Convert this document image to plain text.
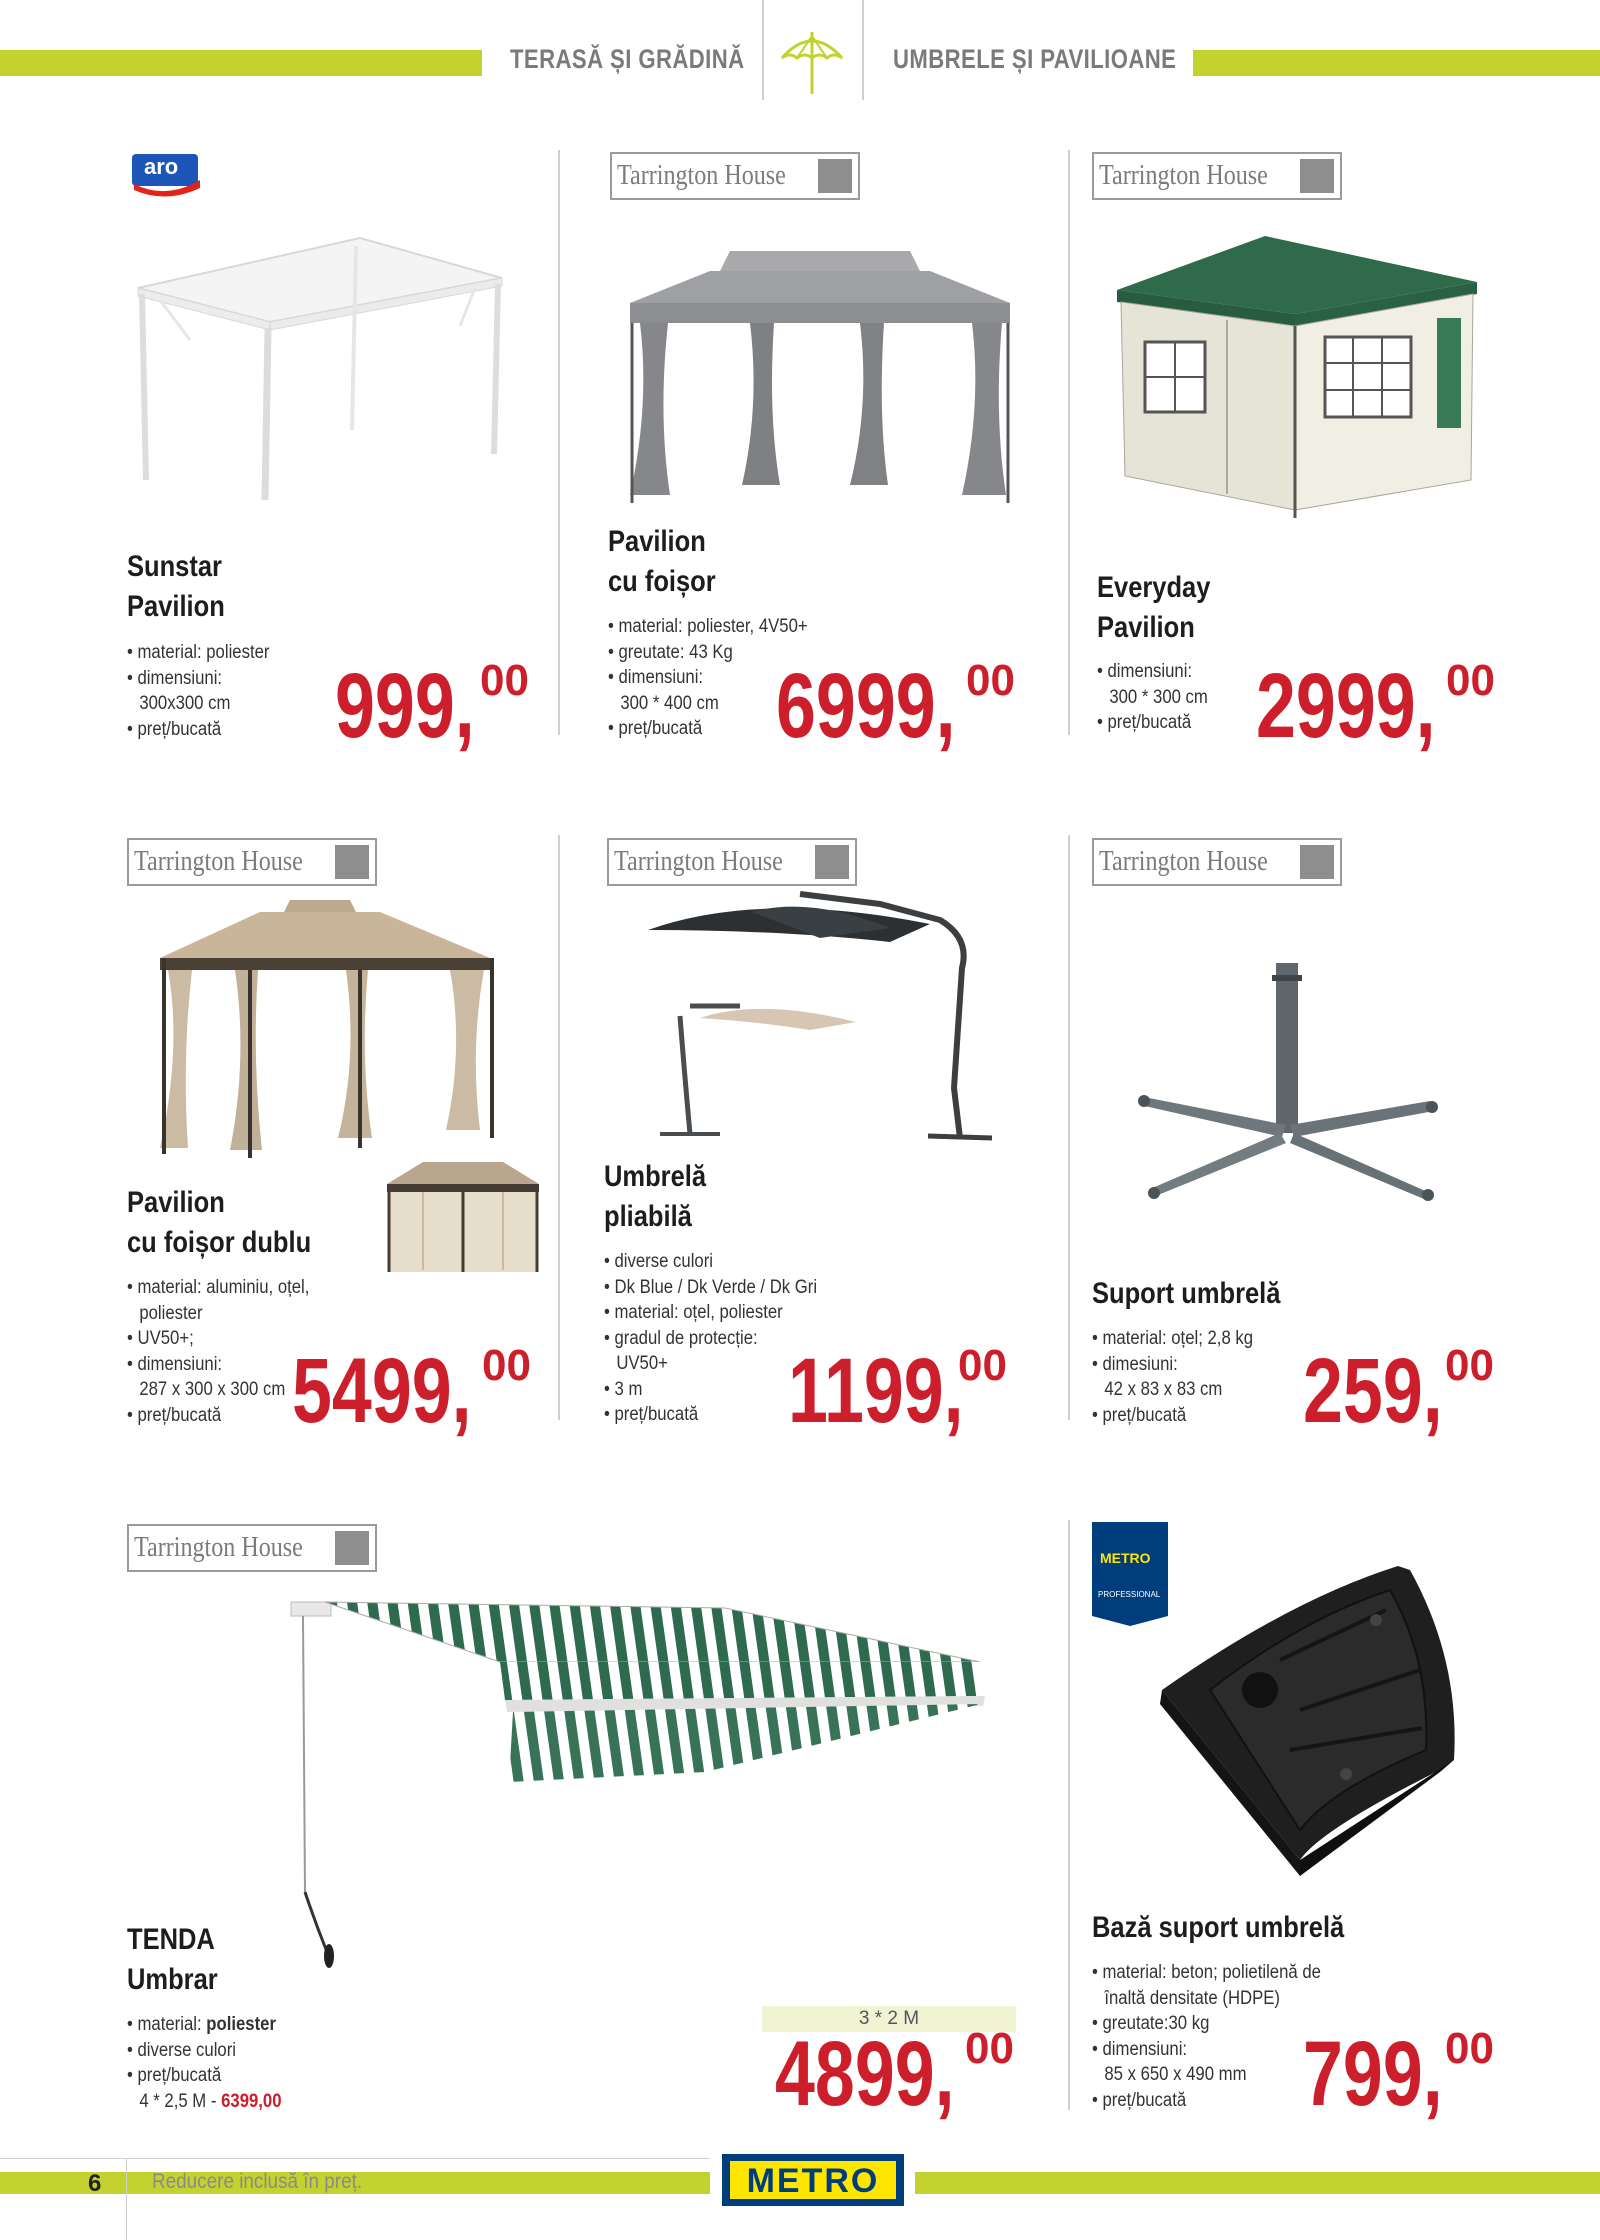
TERASĂ ȘI GRĂDINĂ	UMBRELE ȘI PAVILIOANE
aro
Sunstar
Pavilion
• material: poliester
• dimensiuni:
300x300 cm
• preț/bucată	999, 00
Tarrington House
Pavilion
cu foișor
• material: poliester, 4V50+
• greutate: 43 Kg
• dimensiuni:
300 * 400 cm
• preț/bucată 6999, 00
Tarrington House
Everyday
Pavilion
• dimensiuni:
300 * 300 cm
• preț/bucată 2999, 00
Tarrington House
Pavilion
cu foișor dublu
• material: aluminiu, oțel,
poliester
• UV50+;
• dimensiuni:
287 x 300 x 300 cm
• preț/bucată 5499, 00
Tarrington House
Umbrelă
pliabilă
• diverse culori
• Dk Blue / Dk Verde / Dk Gri
• material: oțel, poliester
• gradul de protecție:
UV50+
• 3 m
• preț/bucată 1199,
00
Tarrington House
Suport umbrelă
• material: oțel; 2,8 kg
• dimesiuni:
42 x 83 x 83 cm
• preț/bucată	259, 00
Tarrington House
TENDA
Umbrar
• material: poliester
• diverse culori
• preț/bucată
4 * 2,5 M - 6399,00
3 * 2 M
4899, 00
METRO
PROFESSIONAL
Bază suport umbrelă
• material: beton; polietilenă de
înaltă densitate (HDPE)
• greutate:30 kg
• dimensiuni:
85 x 650 x 490 mm
• preț/bucată	799, 00
6 Reducere inclusă în preț.	METRO
